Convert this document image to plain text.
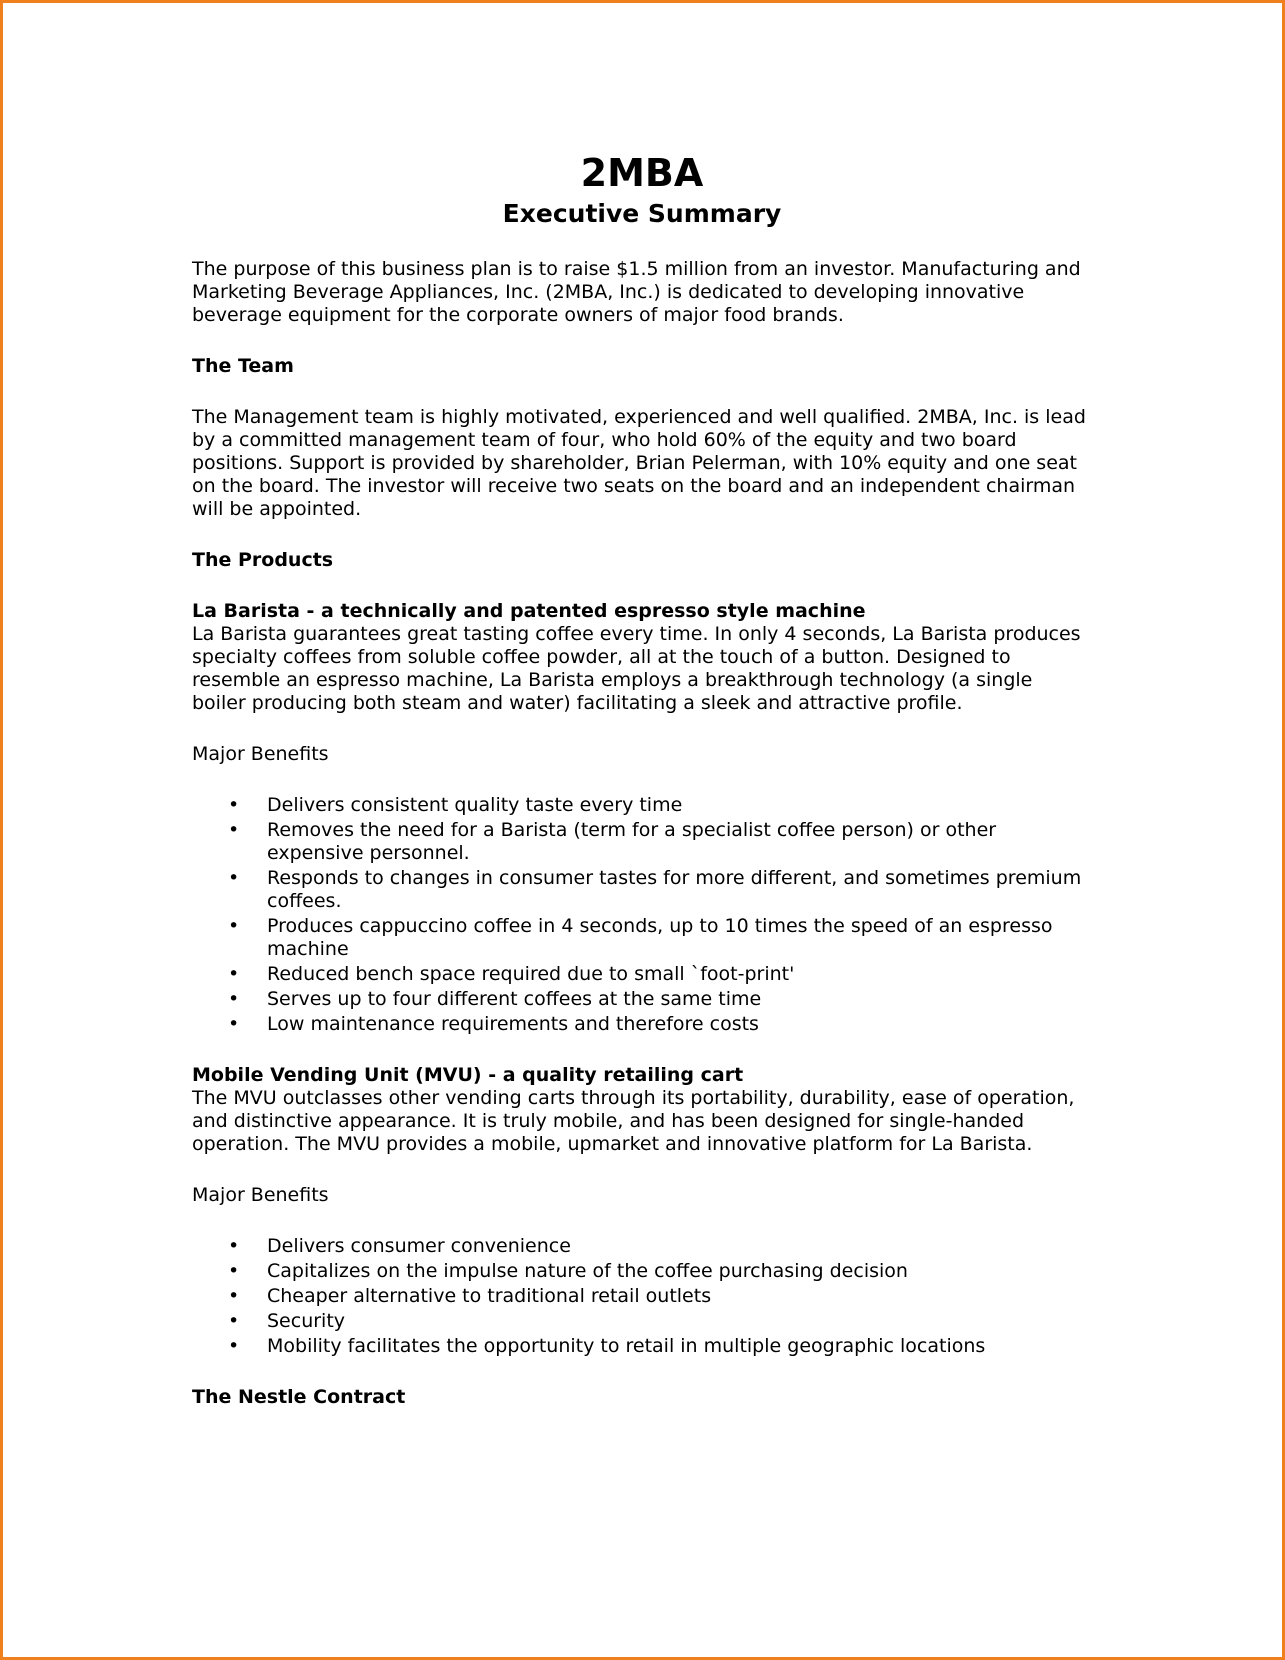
2MBA
Executive Summary

The purpose of this business plan is to raise $1.5 million from an investor. Manufacturing and Marketing Beverage Appliances, Inc. (2MBA, Inc.) is dedicated to developing innovative beverage equipment for the corporate owners of major food brands.

The Team

The Management team is highly motivated, experienced and well qualified. 2MBA, Inc. is lead by a committed management team of four, who hold 60% of the equity and two board positions. Support is provided by shareholder, Brian Pelerman, with 10% equity and one seat on the board. The investor will receive two seats on the board and an independent chairman will be appointed.

The Products

La Barista - a technically and patented espresso style machine

La Barista guarantees great tasting coffee every time. In only 4 seconds, La Barista produces specialty coffees from soluble coffee powder, all at the touch of a button. Designed to resemble an espresso machine, La Barista employs a breakthrough technology (a single boiler producing both steam and water) facilitating a sleek and attractive profile.

Major Benefits

• Delivers consistent quality taste every time
• Removes the need for a Barista (term for a specialist coffee person) or other expensive personnel.
• Responds to changes in consumer tastes for more different, and sometimes premium coffees.
• Produces cappuccino coffee in 4 seconds, up to 10 times the speed of an espresso machine
• Reduced bench space required due to small `foot-print'
• Serves up to four different coffees at the same time
• Low maintenance requirements and therefore costs

Mobile Vending Unit (MVU) - a quality retailing cart

The MVU outclasses other vending carts through its portability, durability, ease of operation, and distinctive appearance. It is truly mobile, and has been designed for single-handed operation. The MVU provides a mobile, upmarket and innovative platform for La Barista.

Major Benefits

• Delivers consumer convenience
• Capitalizes on the impulse nature of the coffee purchasing decision
• Cheaper alternative to traditional retail outlets
• Security
• Mobility facilitates the opportunity to retail in multiple geographic locations

The Nestle Contract
